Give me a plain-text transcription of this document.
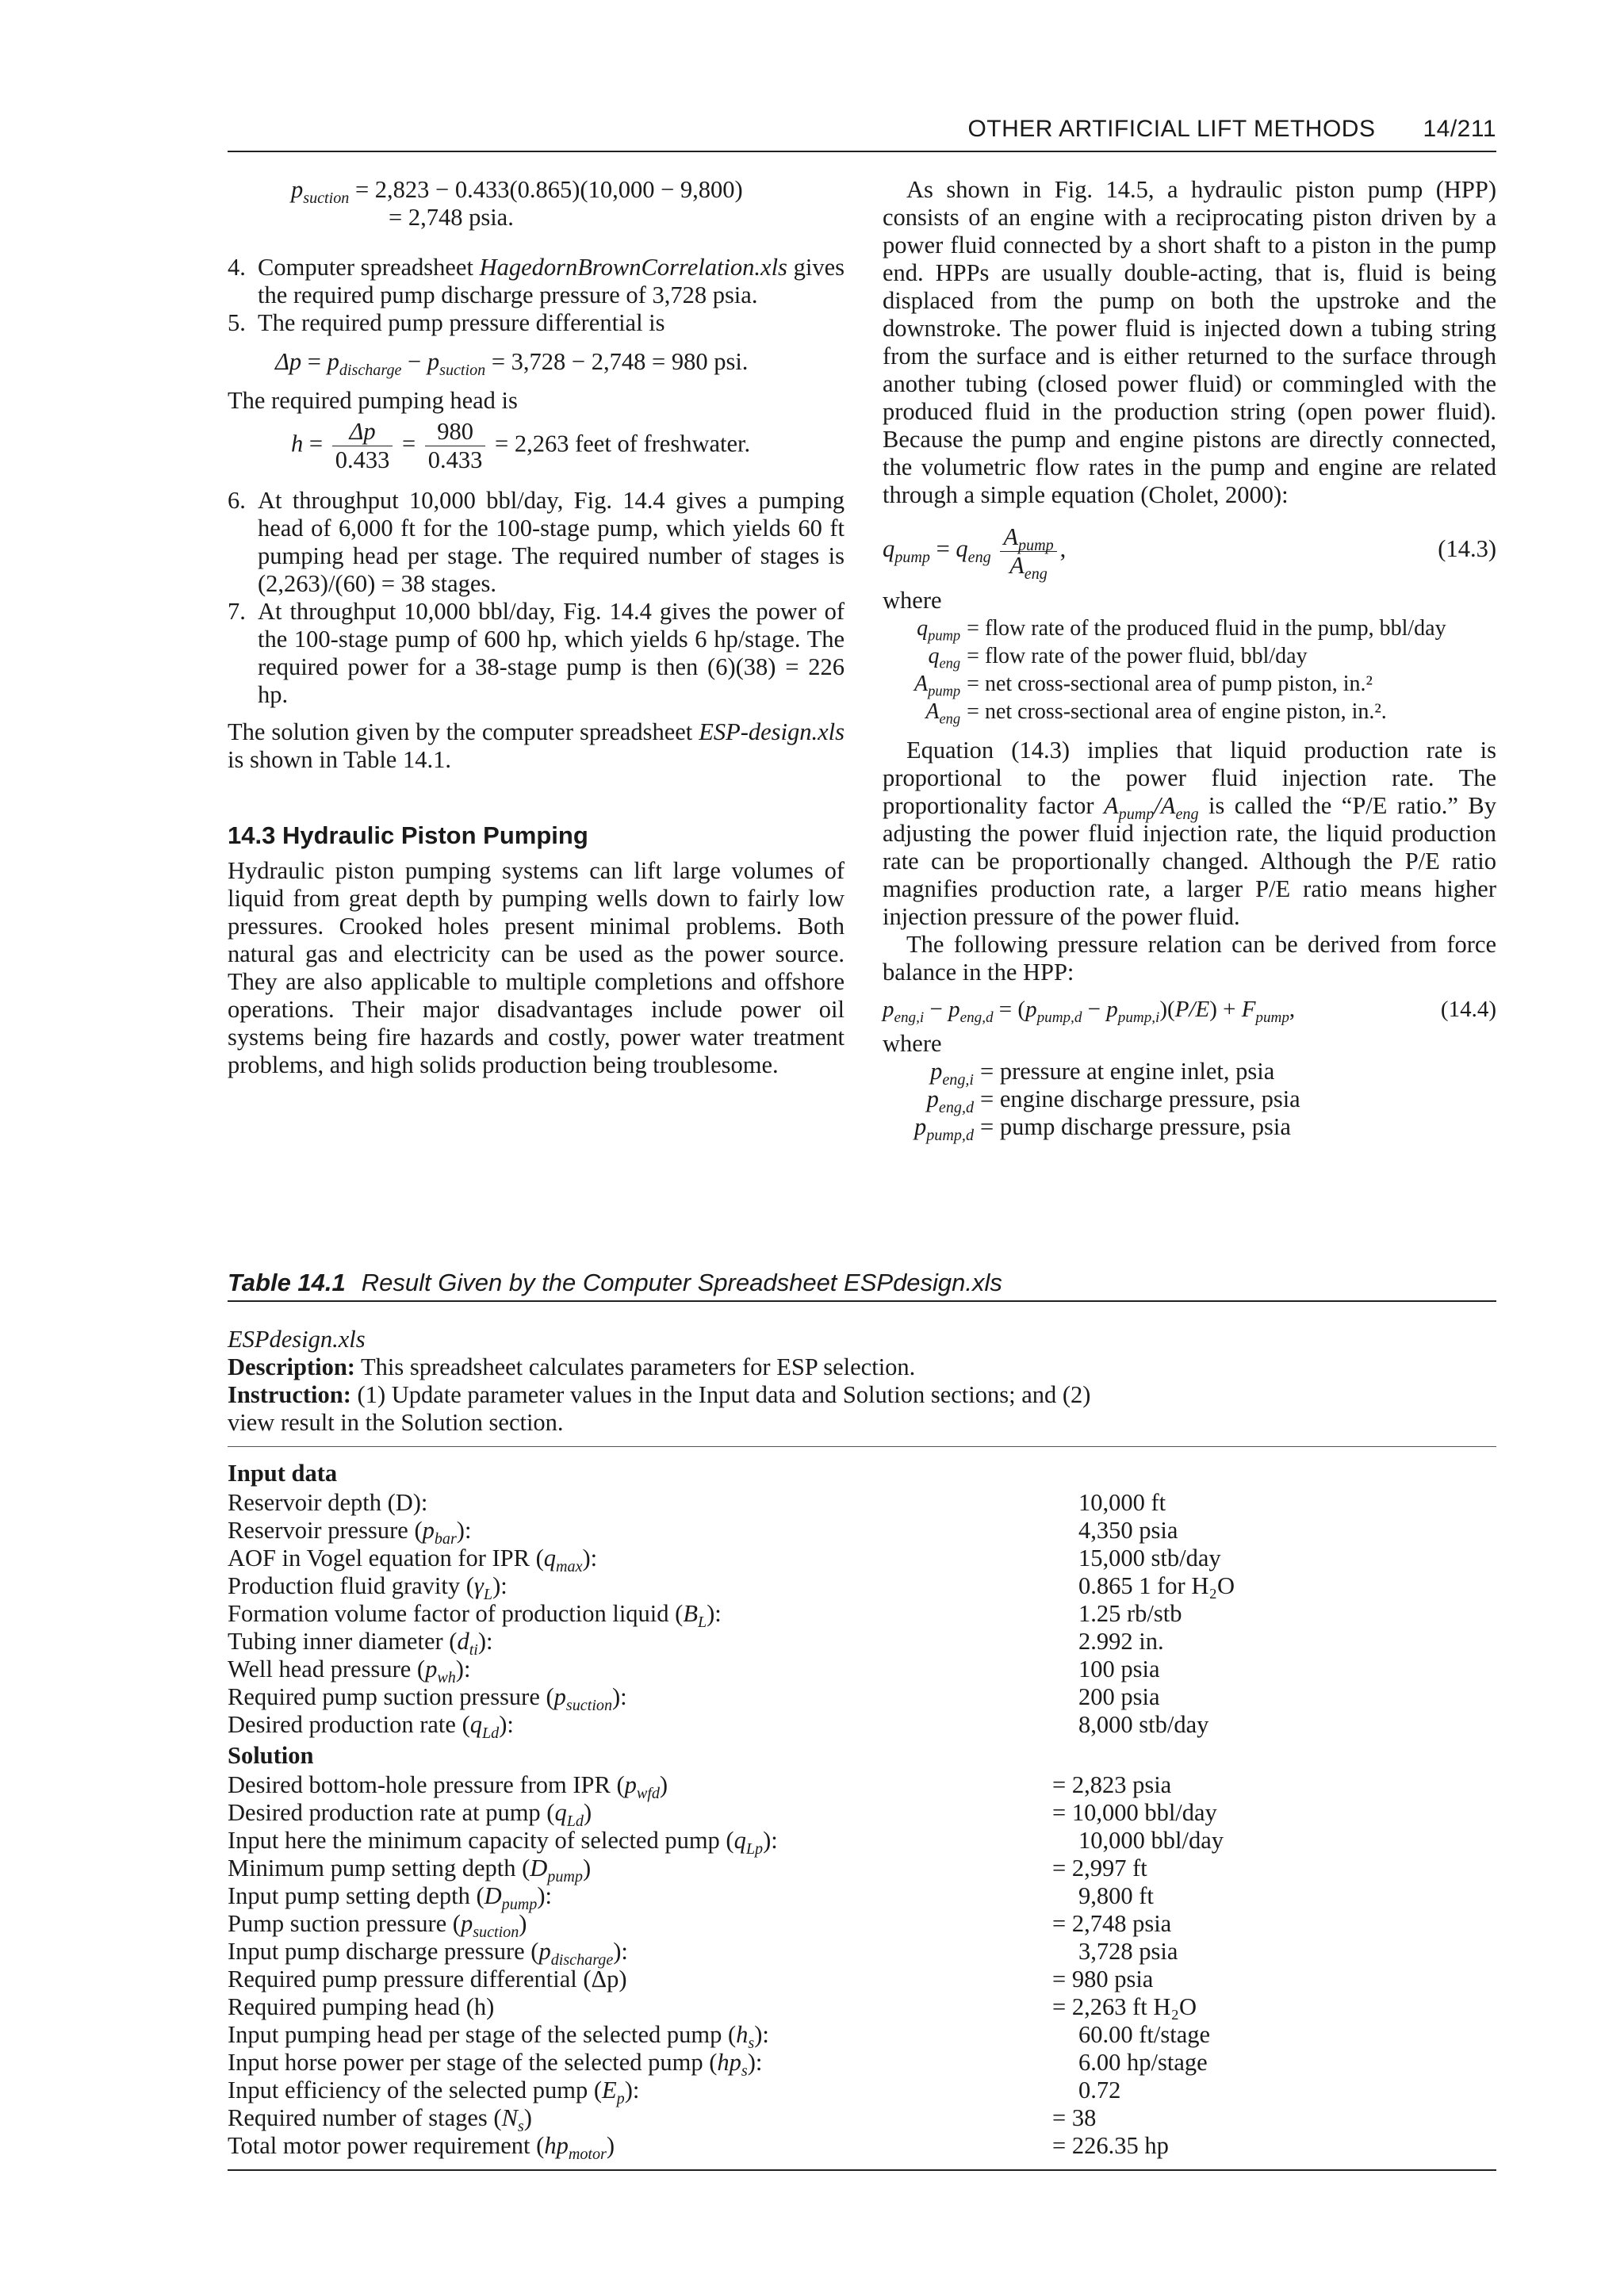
OTHER ARTIFICIAL LIFT METHODS 14/211
$p_{suction} = 2,823 - 0.433(0.865)(10,000 - 9,800)$
= 2,748 psia.
4. Computer spreadsheet HagedornBrownCorrelation.xls gives the required pump discharge pressure of 3,728 psia.
5. The required pump pressure differential is
$\Delta p = p_{discharge} - p_{suction} = 3,728 - 2,748 = 980$ psi.

The required pumping head is

$h = \frac{\Delta p}{0.433} = \frac{980}{0.433} = 2,263$ feet of freshwater.
6. At throughput 10,000 bbl/day, Fig. 14.4 gives a pumping head of 6,000 ft for the 100-stage pump, which yields 60 ft pumping head per stage. The required number of stages is (2,263)/(60) = 38 stages.
7. At throughput 10,000 bbl/day, Fig. 14.4 gives the power of the 100-stage pump of 600 hp, which yields 6 hp/stage. The required power for a 38-stage pump is then (6)(38) = 226 hp.

The solution given by the computer spreadsheet ESP-design.xls is shown in Table 14.1.

14.3 Hydraulic Piston Pumping

Hydraulic piston pumping systems can lift large volumes of liquid from great depth by pumping wells down to fairly low pressures. Crooked holes present minimal problems. Both natural gas and electricity can be used as the power source. They are also applicable to multiple completions and offshore operations. Their major disadvantages include power oil systems being fire hazards and costly, power water treatment problems, and high solids production being troublesome.

As shown in Fig. 14.5, a hydraulic piston pump (HPP) consists of an engine with a reciprocating piston driven by a power fluid connected by a short shaft to a piston in the pump end. HPPs are usually double-acting, that is, fluid is being displaced from the pump on both the upstroke and the downstroke. The power fluid is injected down a tubing string from the surface and is either returned to the surface through another tubing (closed power fluid) or commingled with the produced fluid in the production string (open power fluid). Because the pump and engine pistons are directly connected, the volumetric flow rates in the pump and engine are related through a simple equation (Cholet, 2000):

$q_{pump} = q_{eng} \frac{A_{pump}}{A_{eng}}$ ,	(14.3)

where

$q_{pump}$ = flow rate of the produced fluid in the pump, bbl/day
$q_{eng}$ = flow rate of the power fluid, bbl/day
$A_{pump}$ = net cross-sectional area of pump piston, in.²
$A_{eng}$ = net cross-sectional area of engine piston, in.².

Equation (14.3) implies that liquid production rate is proportional to the power fluid injection rate. The proportionality factor $A_{pump}/A_{eng}$ is called the “P/E ratio.” By adjusting the power fluid injection rate, the liquid production rate can be proportionally changed. Although the P/E ratio magnifies production rate, a larger P/E ratio means higher injection pressure of the power fluid.

The following pressure relation can be derived from force balance in the HPP:

$p_{eng,i} - p_{eng,d} = (p_{pump,d} - p_{pump,i})(P/E) + F_{pump}$,	(14.4)

where

$p_{eng,i}$ = pressure at engine inlet, psia
$p_{eng,d}$ = engine discharge pressure, psia
$p_{pump,d}$ = pump discharge pressure, psia
Table 14.1 Result Given by the Computer Spreadsheet ESPdesign.xls
ESPdesign.xls
Description: This spreadsheet calculates parameters for ESP selection.
Instruction: (1) Update parameter values in the Input data and Solution sections; and (2) view result in the Solution section.
Input data
Reservoir depth (D):	10,000 ft
Reservoir pressure $(p_{bar})$:	4,350 psia
AOF in Vogel equation for IPR $(q_{max})$:	15,000 stb/day
Production fluid gravity $(\gamma_L)$:	0.865 1 for H₂O
Formation volume factor of production liquid $(B_L)$:	1.25 rb/stb
Tubing inner diameter $(d_{ti})$:	2.992 in.
Well head pressure $(p_{wh})$:	100 psia
Required pump suction pressure $(p_{suction})$:	200 psia
Desired production rate $(q_{Ld})$:	8,000 stb/day
Solution
Desired bottom-hole pressure from IPR $(p_{wfd})$	= 2,823 psia
Desired production rate at pump $(q_{Ld})$	= 10,000 bbl/day
Input here the minimum capacity of selected pump $(q_{Lp})$:	10,000 bbl/day
Minimum pump setting depth $(D_{pump})$	= 2,997 ft
Input pump setting depth $(D_{pump})$:	9,800 ft
Pump suction pressure $(p_{suction})$	= 2,748 psia
Input pump discharge pressure $(p_{discharge})$:	3,728 psia
Required pump pressure differential (Δp)	= 980 psia
Required pumping head (h)	= 2,263 ft H₂O
Input pumping head per stage of the selected pump $(h_s)$:	60.00 ft/stage
Input horse power per stage of the selected pump $(hp_s)$:	6.00 hp/stage
Input efficiency of the selected pump $(E_p)$:	0.72
Required number of stages $(N_s)$	= 38
Total motor power requirement $(hp_{motor})$	= 226.35 hp
